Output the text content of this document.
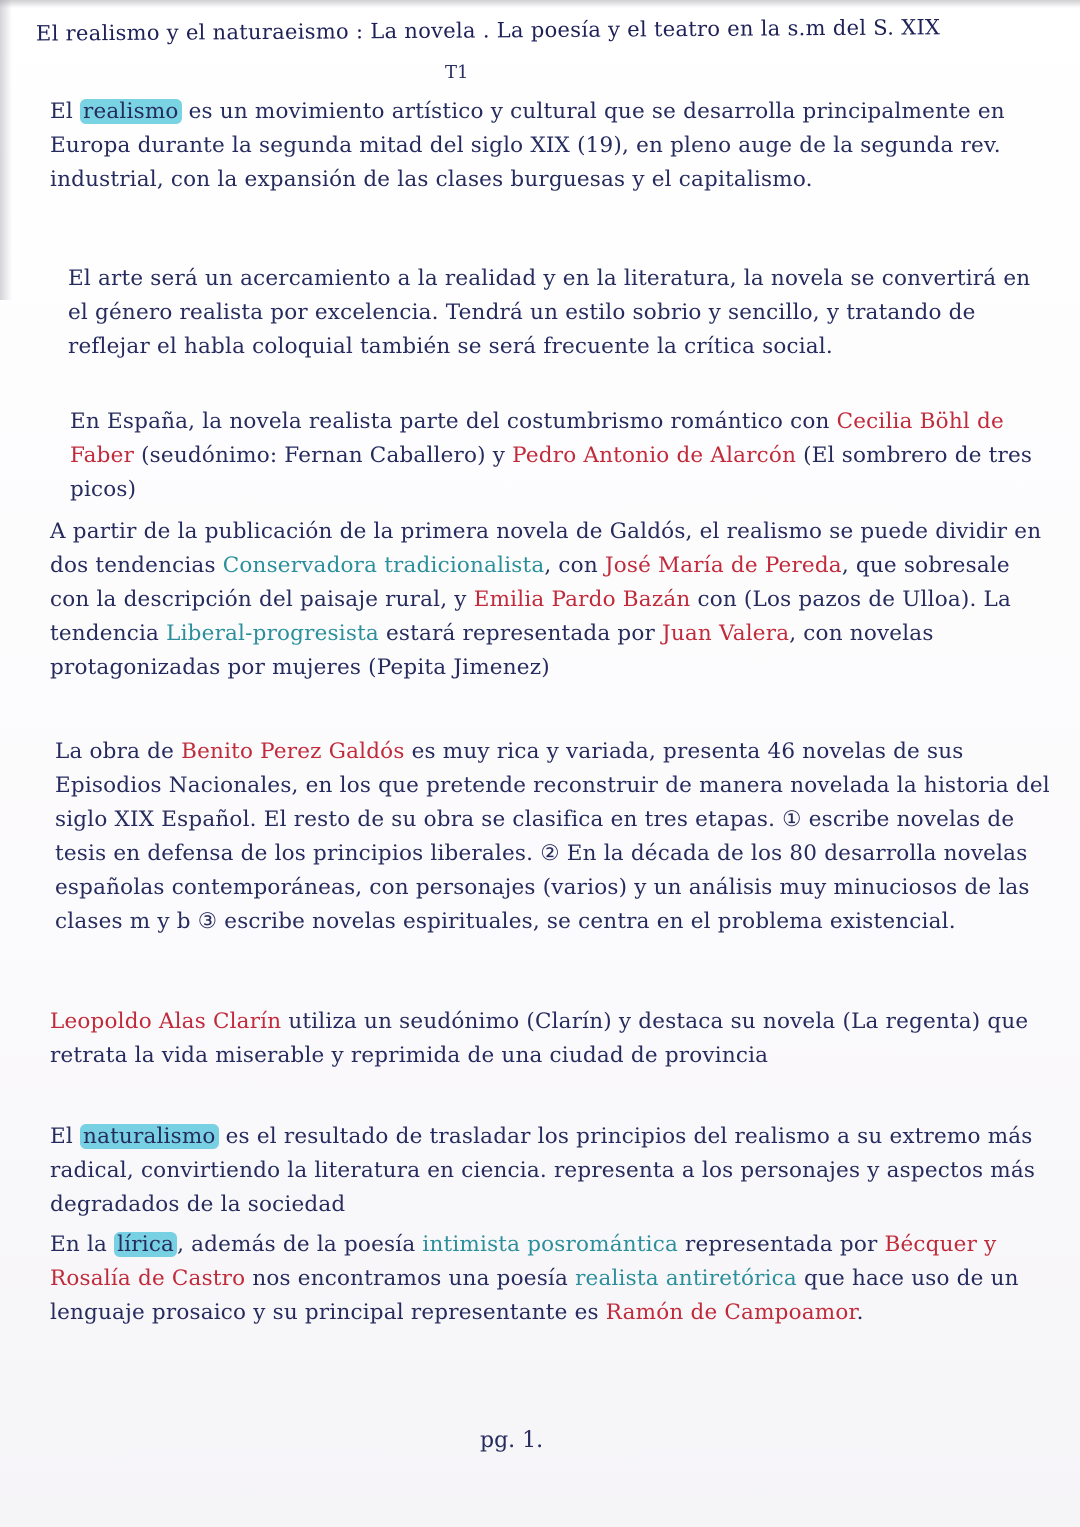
El realismo y el naturaeismo : La novela . La poesía y el teatro en la s.m del S. XIX
T1
El realismo es un movimiento artístico y cultural que se desarrolla principalmente en Europa durante la segunda mitad del siglo XIX (19), en pleno auge de la segunda rev. industrial, con la expansión de las clases burguesas y el capitalismo.
El arte será un acercamiento a la realidad y en la literatura, la novela se convertirá en el género realista por excelencia. Tendrá un estilo sobrio y sencillo, y tratando de reflejar el habla coloquial también se será frecuente la crítica social.
En España, la novela realista parte del costumbrismo romántico con Cecilia Böhl de Faber (seudónimo: Fernan Caballero) y Pedro Antonio de Alarcón (El sombrero de tres picos)
A partir de la publicación de la primera novela de Galdós, el realismo se puede dividir en dos tendencias Conservadora tradicionalista, con José María de Pereda, que sobresale con la descripción del paisaje rural, y Emilia Pardo Bazán con (Los pazos de Ulloa). La tendencia Liberal-progresista estará representada por Juan Valera, con novelas protagonizadas por mujeres (Pepita Jimenez)
La obra de Benito Perez Galdós es muy rica y variada, presenta 46 novelas de sus Episodios Nacionales, en los que pretende reconstruir de manera novelada la historia del siglo XIX Español. El resto de su obra se clasifica en tres etapas. ① escribe novelas de tesis en defensa de los principios liberales. ② En la década de los 80 desarrolla novelas españolas contemporáneas, con personajes (varios) y un análisis muy minuciosos de las clases m y b ③ escribe novelas espirituales, se centra en el problema existencial.
Leopoldo Alas Clarín utiliza un seudónimo (Clarín) y destaca su novela (La regenta) que retrata la vida miserable y reprimida de una ciudad de provincia
El naturalismo es el resultado de trasladar los principios del realismo a su extremo más radical, convirtiendo la literatura en ciencia. representa a los personajes y aspectos más degradados de la sociedad
En la lírica , además de la poesía intimista posromántica representada por Bécquer y Rosalía de Castro nos encontramos una poesía realista antiretórica que hace uso de un lenguaje prosaico y su principal representante es Ramón de Campoamor.
pg. 1.
